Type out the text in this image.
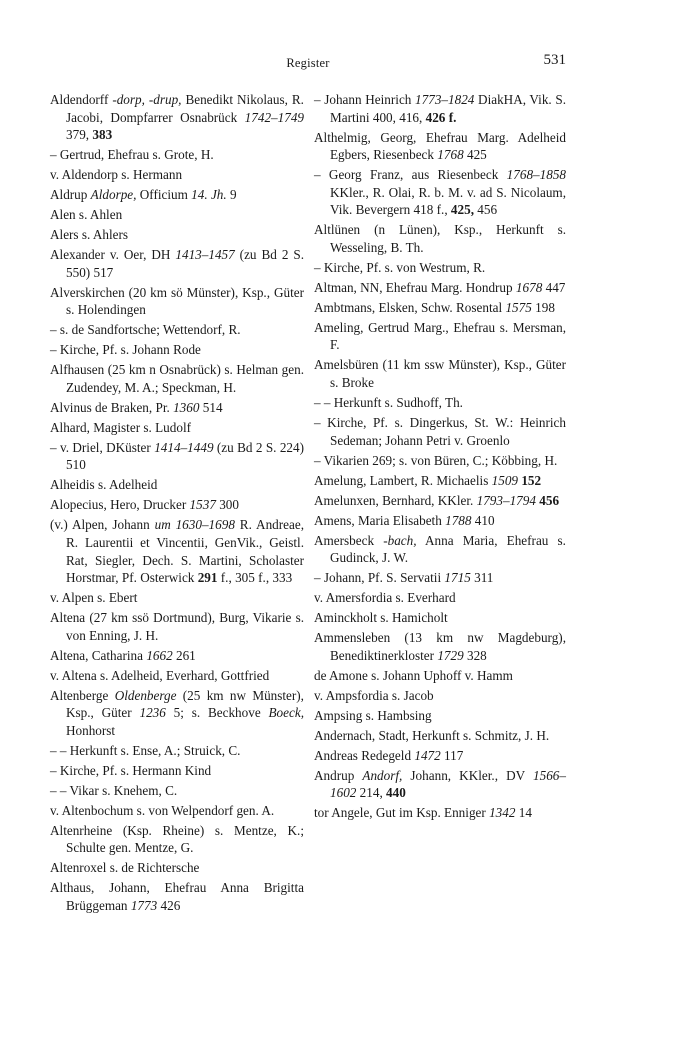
Register	531
Aldendorff -dorp, -drup, Benedikt Nikolaus, R. Jacobi, Dompfarrer Osnabrück 1742–1749 379, 383
– Gertrud, Ehefrau s. Grote, H.
v. Aldendorp s. Hermann
Aldrup Aldorpe, Officium 14. Jh. 9
Alen s. Ahlen
Alers s. Ahlers
Alexander v. Oer, DH 1413–1457 (zu Bd 2 S. 550) 517
Alverskirchen (20 km sö Münster), Ksp., Güter s. Holendingen
– s. de Sandfortsche; Wettendorf, R.
– Kirche, Pf. s. Johann Rode
Alfhausen (25 km n Osnabrück) s. Helman gen. Zudendey, M. A.; Speckman, H.
Alvinus de Braken, Pr. 1360 514
Alhard, Magister s. Ludolf
– v. Driel, DKüster 1414–1449 (zu Bd 2 S. 224) 510
Alheidis s. Adelheid
Alopecius, Hero, Drucker 1537 300
(v.) Alpen, Johann um 1630–1698 R. Andreae, R. Laurentii et Vincentii, GenVik., Geistl. Rat, Siegler, Dech. S. Martini, Scholaster Horstmar, Pf. Osterwick 291 f., 305 f., 333
v. Alpen s. Ebert
Altena (27 km ssö Dortmund), Burg, Vikarie s. von Enning, J. H.
Altena, Catharina 1662 261
v. Altena s. Adelheid, Everhard, Gottfried
Altenberge Oldenberge (25 km nw Münster), Ksp., Güter 1236 5; s. Beckhove Boeck, Honhorst
– – Herkunft s. Ense, A.; Struick, C.
– Kirche, Pf. s. Hermann Kind
– – Vikar s. Knehem, C.
v. Altenbochum s. von Welpendorf gen. A.
Altenrheine (Ksp. Rheine) s. Mentze, K.; Schulte gen. Mentze, G.
Altenroxel s. de Richtersche
Althaus, Johann, Ehefrau Anna Brigitta Brüggeman 1773 426
– Johann Heinrich 1773–1824 DiakHA, Vik. S. Martini 400, 416, 426 f.
Althelmig, Georg, Ehefrau Marg. Adelheid Egbers, Riesenbeck 1768 425
– Georg Franz, aus Riesenbeck 1768–1858 KKler., R. Olai, R. b. M. v. ad S. Nicolaum, Vik. Bevergern 418 f., 425, 456
Altlünen (n Lünen), Ksp., Herkunft s. Wesseling, B. Th.
– Kirche, Pf. s. von Westrum, R.
Altman, NN, Ehefrau Marg. Hondrup 1678 447
Ambtmans, Elsken, Schw. Rosental 1575 198
Ameling, Gertrud Marg., Ehefrau s. Mersman, F.
Amelsbüren (11 km ssw Münster), Ksp., Güter s. Broke
– – Herkunft s. Sudhoff, Th.
– Kirche, Pf. s. Dingerkus, St. W.: Heinrich Sedeman; Johann Petri v. Groenlo
– Vikarien 269; s. von Büren, C.; Köbbing, H.
Amelung, Lambert, R. Michaelis 1509 152
Amelunxen, Bernhard, KKler. 1793–1794 456
Amens, Maria Elisabeth 1788 410
Amersbeck -bach, Anna Maria, Ehefrau s. Gudinck, J. W.
– Johann, Pf. S. Servatii 1715 311
v. Amersfordia s. Everhard
Aminckholt s. Hamicholt
Ammensleben (13 km nw Magdeburg), Benediktinerkloster 1729 328
de Amone s. Johann Uphoff v. Hamm
v. Ampsfordia s. Jacob
Ampsing s. Hambsing
Andernach, Stadt, Herkunft s. Schmitz, J. H.
Andreas Redegeld 1472 117
Andrup Andorf, Johann, KKler., DV 1566–1602 214, 440
tor Angele, Gut im Ksp. Enniger 1342 14
